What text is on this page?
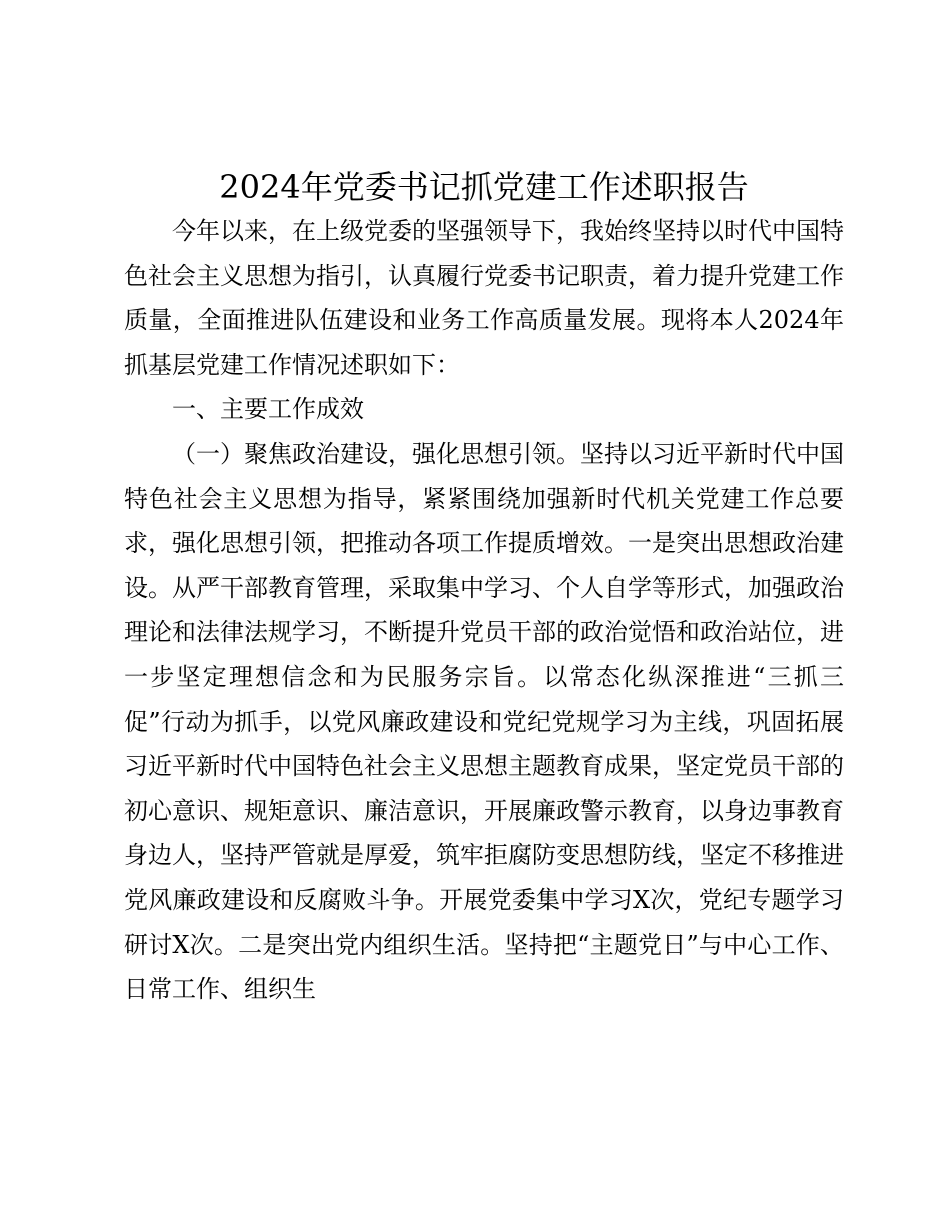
2024年党委书记抓党建工作述职报告

今年以来，在上级党委的坚强领导下，我始终坚持以时代中国特色社会主义思想为指引，认真履行党委书记职责，着力提升党建工作质量，全面推进队伍建设和业务工作高质量发展。现将本人2024年抓基层党建工作情况述职如下：

一、主要工作成效

（一）聚焦政治建设，强化思想引领。坚持以习近平新时代中国特色社会主义思想为指导，紧紧围绕加强新时代机关党建工作总要求，强化思想引领，把推动各项工作提质增效。一是突出思想政治建设。从严干部教育管理，采取集中学习、个人自学等形式，加强政治理论和法律法规学习，不断提升党员干部的政治觉悟和政治站位，进一步坚定理想信念和为民服务宗旨。以常态化纵深推进“三抓三促”行动为抓手，以党风廉政建设和党纪党规学习为主线，巩固拓展习近平新时代中国特色社会主义思想主题教育成果，坚定党员干部的初心意识、规矩意识、廉洁意识，开展廉政警示教育，以身边事教育身边人，坚持严管就是厚爱，筑牢拒腐防变思想防线，坚定不移推进党风廉政建设和反腐败斗争。开展党委集中学习X次，党纪专题学习研讨X次。二是突出党内组织生活。坚持把“主题党日”与中心工作、日常工作、组织生
